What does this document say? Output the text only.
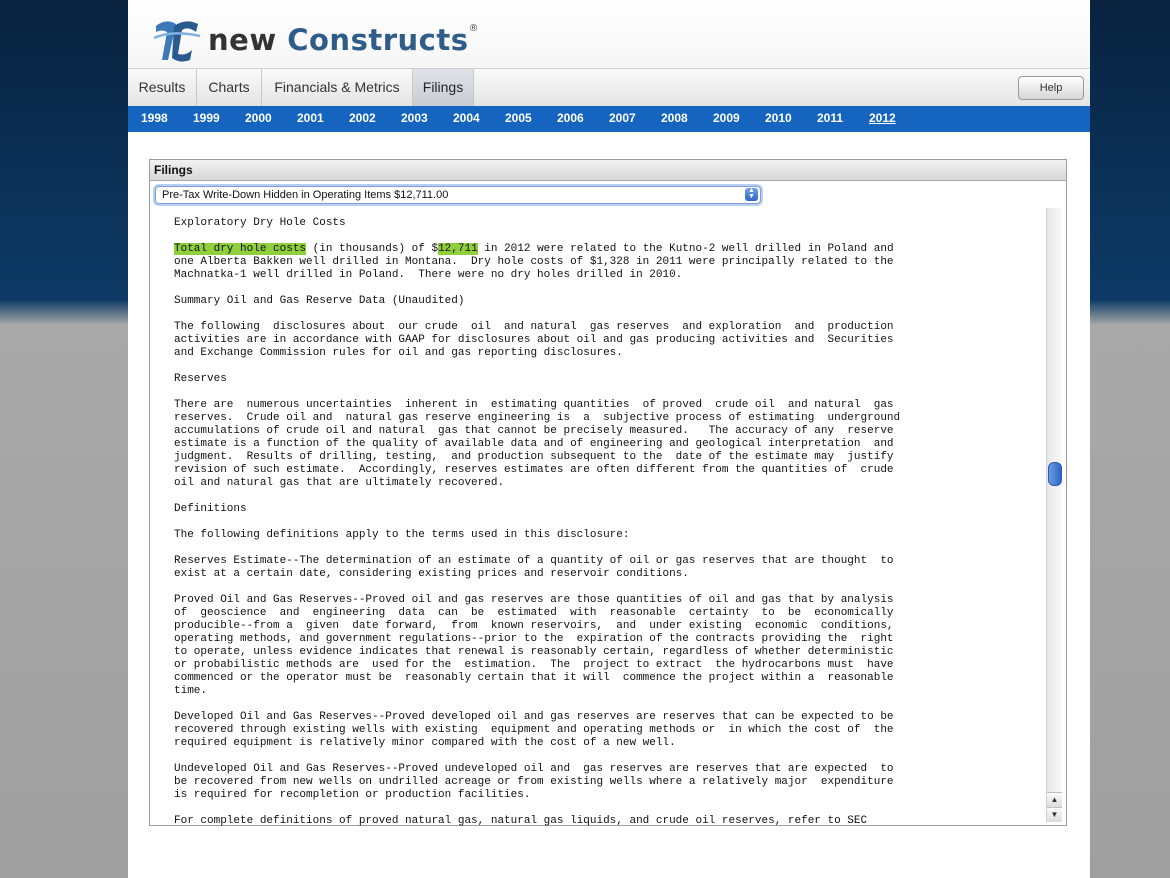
new Constructs®
Results	Charts	Financials & Metrics	Filings	Help
1998 1999 2000 2001 2002 2003 2004 2005 2006 2007 2008 2009 2010 2011 2012
Filings
Pre-Tax Write-Down Hidden in Operating Items $12,711.00	▲
▼
Exploratory Dry Hole Costs

Total dry hole costs (in thousands) of $12,711 in 2012 were related to the Kutno-2 well drilled in Poland and
one Alberta Bakken well drilled in Montana.  Dry hole costs of $1,328 in 2011 were principally related to the
Machnatka-1 well drilled in Poland.  There were no dry holes drilled in 2010.

Summary Oil and Gas Reserve Data (Unaudited)

The following  disclosures about  our crude  oil  and natural  gas reserves  and exploration  and  production
activities are in accordance with GAAP for disclosures about oil and gas producing activities and  Securities
and Exchange Commission rules for oil and gas reporting disclosures.

Reserves

There are  numerous uncertainties  inherent in  estimating quantities  of proved  crude oil  and natural  gas
reserves.  Crude oil and  natural gas reserve engineering is  a  subjective process of estimating  underground
accumulations of crude oil and natural  gas that cannot be precisely measured.   The accuracy of any  reserve
estimate is a function of the quality of available data and of engineering and geological interpretation  and
judgment.  Results of drilling, testing,  and production subsequent to the  date of the estimate may  justify
revision of such estimate.  Accordingly, reserves estimates are often different from the quantities of  crude
oil and natural gas that are ultimately recovered.

Definitions

The following definitions apply to the terms used in this disclosure:

Reserves Estimate--The determination of an estimate of a quantity of oil or gas reserves that are thought  to
exist at a certain date, considering existing prices and reservoir conditions.

Proved Oil and Gas Reserves--Proved oil and gas reserves are those quantities of oil and gas that by analysis
of  geoscience  and  engineering  data  can  be  estimated  with  reasonable  certainty  to  be  economically
producible--from a  given  date forward,  from  known reservoirs,  and  under existing  economic  conditions,
operating methods, and government regulations--prior to the  expiration of the contracts providing the  right
to operate, unless evidence indicates that renewal is reasonably certain, regardless of whether deterministic
or probabilistic methods are  used for the  estimation.  The  project to extract  the hydrocarbons must  have
commenced or the operator must be  reasonably certain that it will  commence the project within a  reasonable
time.

Developed Oil and Gas Reserves--Proved developed oil and gas reserves are reserves that can be expected to be
recovered through existing wells with existing  equipment and operating methods or  in which the cost of  the
required equipment is relatively minor compared with the cost of a new well.

Undeveloped Oil and Gas Reserves--Proved undeveloped oil and  gas reserves are reserves that are expected  to
be recovered from new wells on undrilled acreage or from existing wells where a relatively major  expenditure
is required for recompletion or production facilities.

For complete definitions of proved natural gas, natural gas liquids, and crude oil reserves, refer to SEC
▲
▼
